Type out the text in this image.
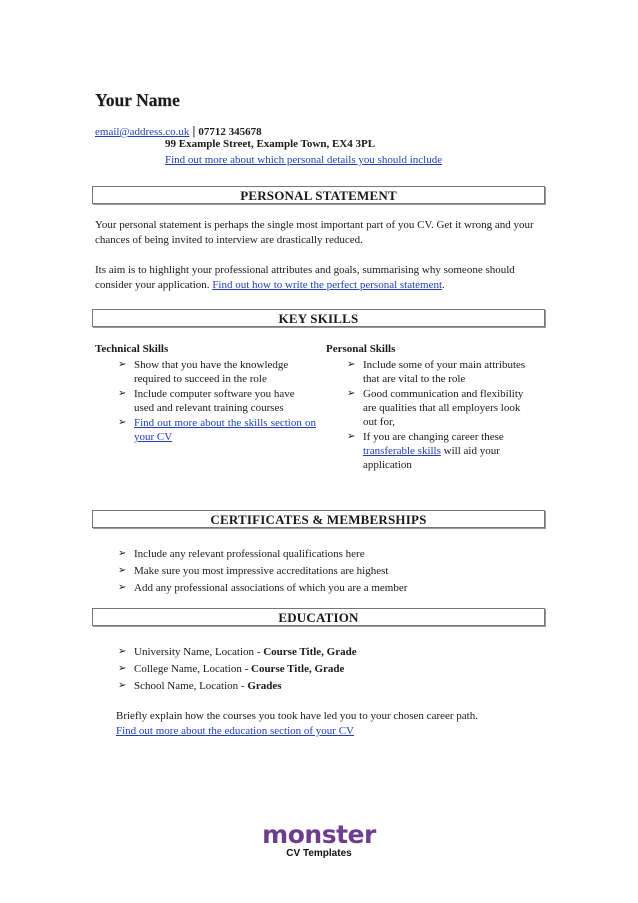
Your Name
email@address.co.uk | 07712 345678
99 Example Street, Example Town, EX4 3PL
Find out more about which personal details you should include
PERSONAL STATEMENT
Your personal statement is perhaps the single most important part of you CV. Get it wrong and your chances of being invited to interview are drastically reduced.
Its aim is to highlight your professional attributes and goals, summarising why someone should consider your application. Find out how to write the perfect personal statement.
KEY SKILLS
Technical Skills
➢ Show that you have the knowledge required to succeed in the role
➢ Include computer software you have used and relevant training courses
➢ Find out more about the skills section on your CV
Personal Skills
➢ Include some of your main attributes that are vital to the role
➢ Good communication and flexibility are qualities that all employers look out for,
➢ If you are changing career these transferable skills will aid your application
CERTIFICATES & MEMBERSHIPS
➢ Include any relevant professional qualifications here
➢ Make sure you most impressive accreditations are highest
➢ Add any professional associations of which you are a member
EDUCATION
➢ University Name, Location - Course Title, Grade
➢ College Name, Location - Course Title, Grade
➢ School Name, Location - Grades
Briefly explain how the courses you took have led you to your chosen career path.
Find out more about the education section of your CV
monster
CV Templates
